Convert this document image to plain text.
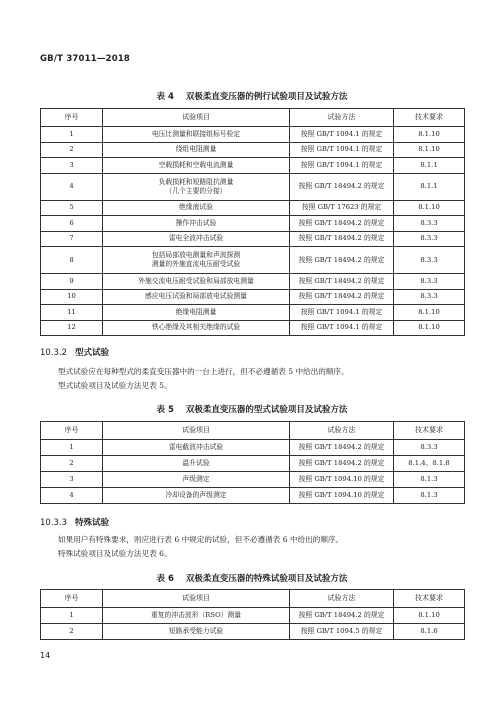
GB/T 37011—2018
表 4 双极柔直变压器的例行试验项目及试验方法
序号	试验项目	试验方法	技术要求
1	电压比测量和联接组标号检定	按照 GB/T 1094.1 的规定	8.1.10
2	绕组电阻测量	按照 GB/T 1094.1 的规定	8.1.10
3	空载损耗和空载电流测量	按照 GB/T 1094.1 的规定	8.1.1
4	负载损耗和短路阻抗测量
（几个主要的分接）	按照 GB/T 18494.2 的规定	8.1.1
5	绝缘液试验	按照 GB/T 17623 的规定	8.1.10
6	操作冲击试验	按照 GB/T 18494.2 的规定	8.3.3
7	雷电全波冲击试验	按照 GB/T 18494.2 的规定	8.3.3
8	包括局部放电测量和声波探测
测量的外施直流电压耐受试验	按照 GB/T 18494.2 的规定	8.3.3
9	外施交流电压耐受试验和局部放电测量	按照 GB/T 18494.2 的规定	8.3.3
10	感应电压试验和局部放电试验测量	按照 GB/T 18494.2 的规定	8.3.3
11	绝缘电阻测量	按照 GB/T 1094.1 的规定	8.1.10
12	铁心绝缘及其相关绝缘的试验	按照 GB/T 1094.1 的规定	8.1.10
10.3.2 型式试验
型式试验应在每种型式的柔直变压器中的一台上进行，但不必遵循表 5 中给出的顺序。
型式试验项目及试验方法见表 5。
表 5 双极柔直变压器的型式试验项目及试验方法
序号	试验项目	试验方法	技术要求
1	雷电截波冲击试验	按照 GB/T 18494.2 的规定	8.3.3
2	温升试验	按照 GB/T 18494.2 的规定	8.1.4、8.1.8
3	声级测定	按照 GB/T 1094.10 的规定	8.1.3
4	冷却设备的声级测定	按照 GB/T 1094.10 的规定	8.1.3
10.3.3 特殊试验
如果用户有特殊要求，则应进行表 6 中规定的试验，但不必遵循表 6 中给出的顺序。
特殊试验项目及试验方法见表 6。
表 6 双极柔直变压器的特殊试验项目及试验方法
序号	试验项目	试验方法	技术要求
1	重复的冲击波形（RSO）测量	按照 GB/T 18494.2 的规定	8.1.10
2	短路承受能力试验	按照 GB/T 1094.5 的规定	8.1.6
14
